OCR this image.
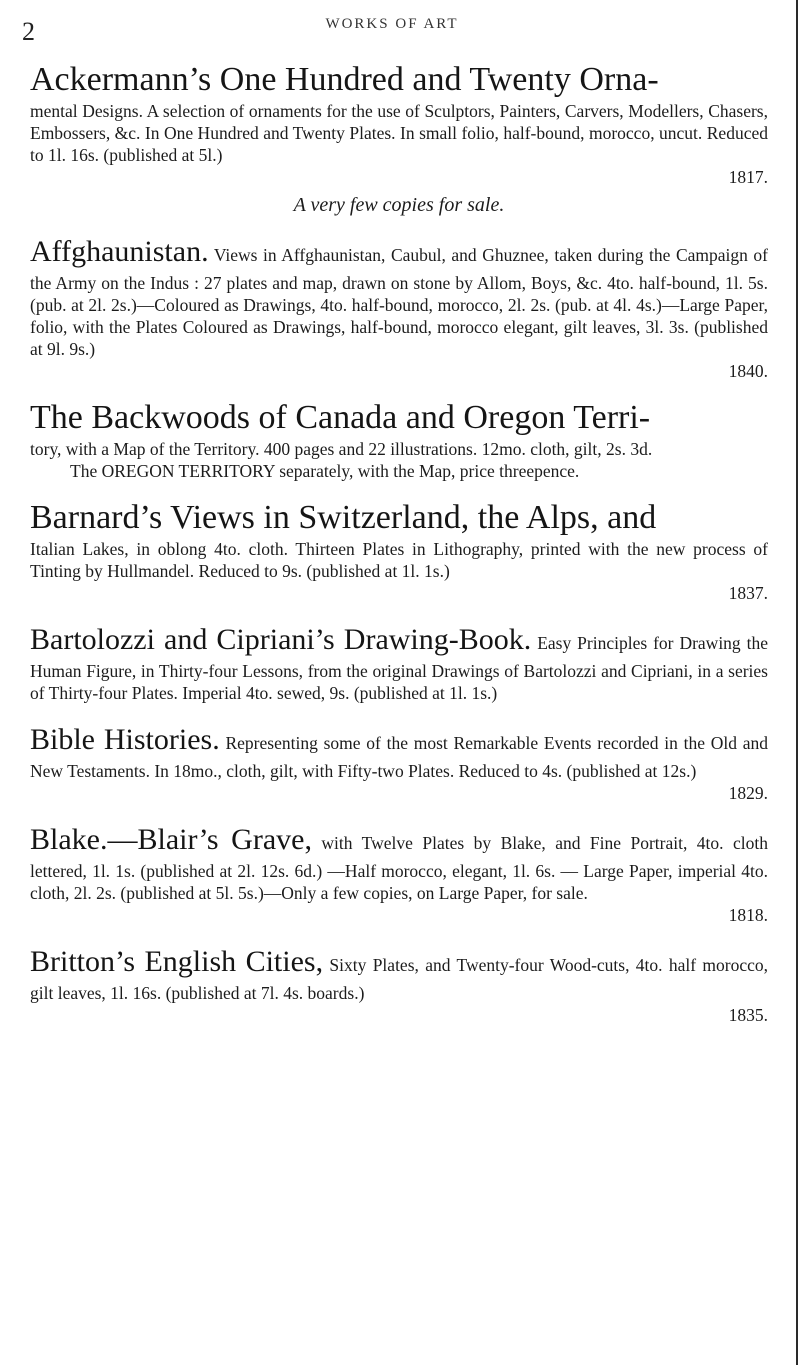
2	WORKS OF ART

Ackermann’s One Hundred and Twenty Orna-

mental Designs. A selection of ornaments for the use of Sculptors, Painters, Carvers, Modellers, Chasers, Embossers, &c. In One Hundred and Twenty Plates. In small folio, half-bound, morocco, uncut. Reduced to 1l. 16s. (published at 5l.)

1817.

A very few copies for sale.

Affghaunistan. Views in Affghaunistan, Caubul, and Ghuznee, taken during the Campaign of the Army on the Indus : 27 plates and map, drawn on stone by Allom, Boys, &c. 4to. half-bound, 1l. 5s. (pub. at 2l. 2s.)—Coloured as Drawings, 4to. half-bound, morocco, 2l. 2s. (pub. at 4l. 4s.)—Large Paper, folio, with the Plates Coloured as Drawings, half-bound, morocco elegant, gilt leaves, 3l. 3s. (published at 9l. 9s.)

1840.

The Backwoods of Canada and Oregon Terri-

tory, with a Map of the Territory. 400 pages and 22 illustrations. 12mo. cloth, gilt, 2s. 3d.

The OREGON TERRITORY separately, with the Map, price threepence.

Barnard’s Views in Switzerland, the Alps, and

Italian Lakes, in oblong 4to. cloth. Thirteen Plates in Lithography, printed with the new process of Tinting by Hullmandel. Reduced to 9s. (published at 1l. 1s.)

1837.

Bartolozzi and Cipriani’s Drawing-Book. Easy Principles for Drawing the Human Figure, in Thirty-four Lessons, from the original Drawings of Bartolozzi and Cipriani, in a series of Thirty-four Plates. Imperial 4to. sewed, 9s. (published at 1l. 1s.)

Bible Histories. Representing some of the most Remarkable Events recorded in the Old and New Testaments. In 18mo., cloth, gilt, with Fifty-two Plates. Reduced to 4s. (published at 12s.)

1829.

Blake.—Blair’s Grave, with Twelve Plates by Blake, and Fine Portrait, 4to. cloth lettered, 1l. 1s. (published at 2l. 12s. 6d.) —Half morocco, elegant, 1l. 6s. — Large Paper, imperial 4to. cloth, 2l. 2s. (published at 5l. 5s.)—Only a few copies, on Large Paper, for sale.

1818.

Britton’s English Cities, Sixty Plates, and Twenty-four Wood-cuts, 4to. half morocco, gilt leaves, 1l. 16s. (published at 7l. 4s. boards.)

1835.
